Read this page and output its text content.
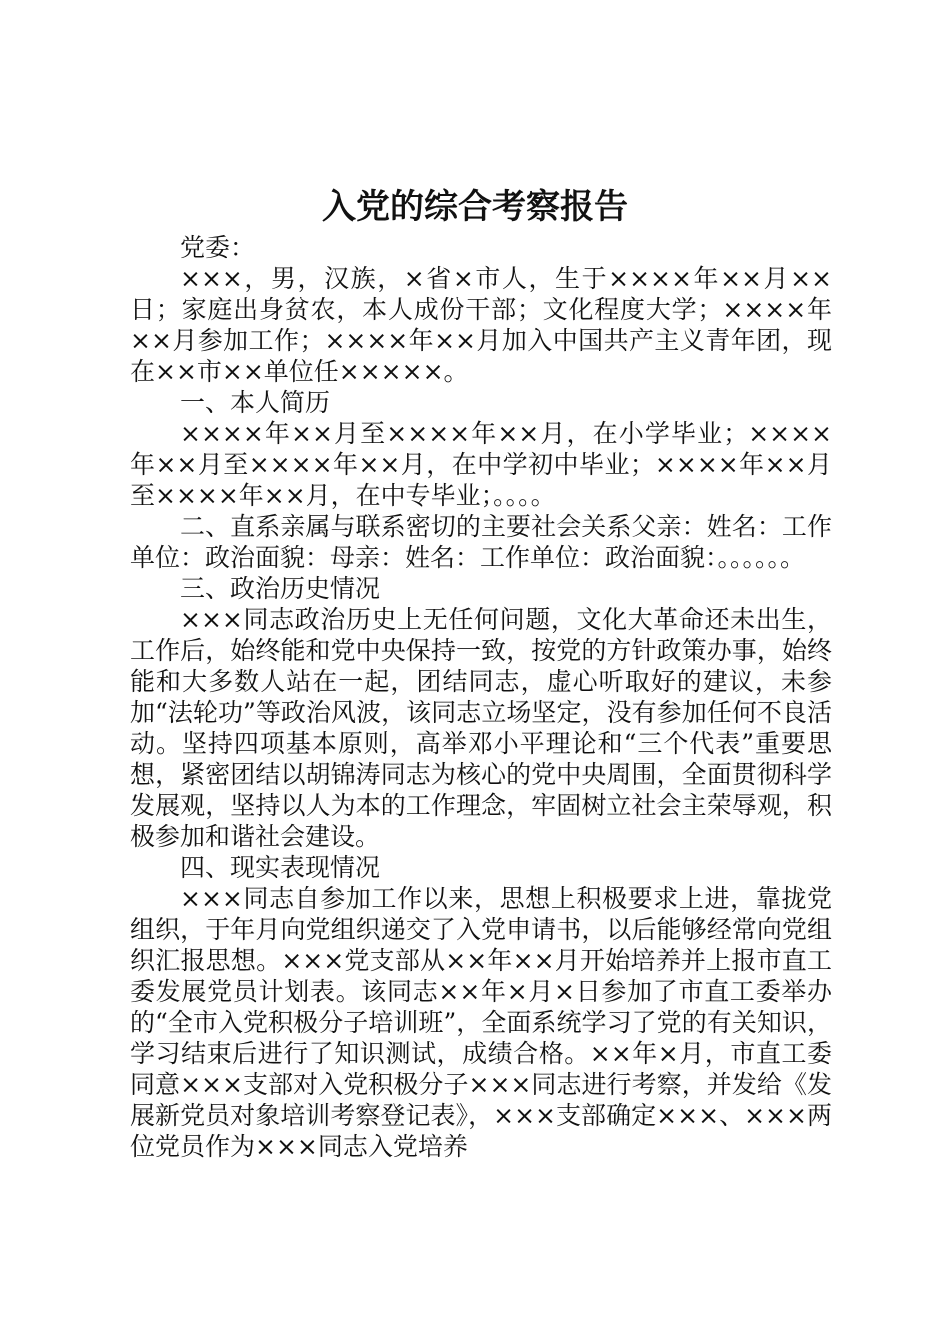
入党的综合考察报告

党委：

×××，男，汉族，×省×市人，生于××××年××月××日；家庭出身贫农，本人成份干部；文化程度大学；××××年××月参加工作；××××年××月加入中国共产主义青年团，现在××市××单位任×××××。

一、本人简历

××××年××月至××××年××月，在小学毕业；××××年××月至××××年××月，在中学初中毕业；××××年××月至××××年××月，在中专毕业；。。。。

二、直系亲属与联系密切的主要社会关系父亲：姓名：工作单位：政治面貌：母亲：姓名：工作单位：政治面貌：。。。。。。

三、政治历史情况

×××同志政治历史上无任何问题，文化大革命还未出生，工作后，始终能和党中央保持一致，按党的方针政策办事，始终能和大多数人站在一起，团结同志，虚心听取好的建议，未参加“法轮功”等政治风波，该同志立场坚定，没有参加任何不良活动。坚持四项基本原则，高举邓小平理论和“三个代表”重要思想，紧密团结以胡锦涛同志为核心的党中央周围，全面贯彻科学发展观，坚持以人为本的工作理念，牢固树立社会主荣辱观，积极参加和谐社会建设。

四、现实表现情况

×××同志自参加工作以来，思想上积极要求上进，靠拢党组织，于年月向党组织递交了入党申请书，以后能够经常向党组织汇报思想。×××党支部从××年××月开始培养并上报市直工委发展党员计划表。该同志××年×月×日参加了市直工委举办的“全市入党积极分子培训班”，全面系统学习了党的有关知识，学习结束后进行了知识测试，成绩合格。××年×月，市直工委同意×××支部对入党积极分子×××同志进行考察，并发给《发展新党员对象培训考察登记表》，×××支部确定×××、×××两位党员作为×××同志入党培养
